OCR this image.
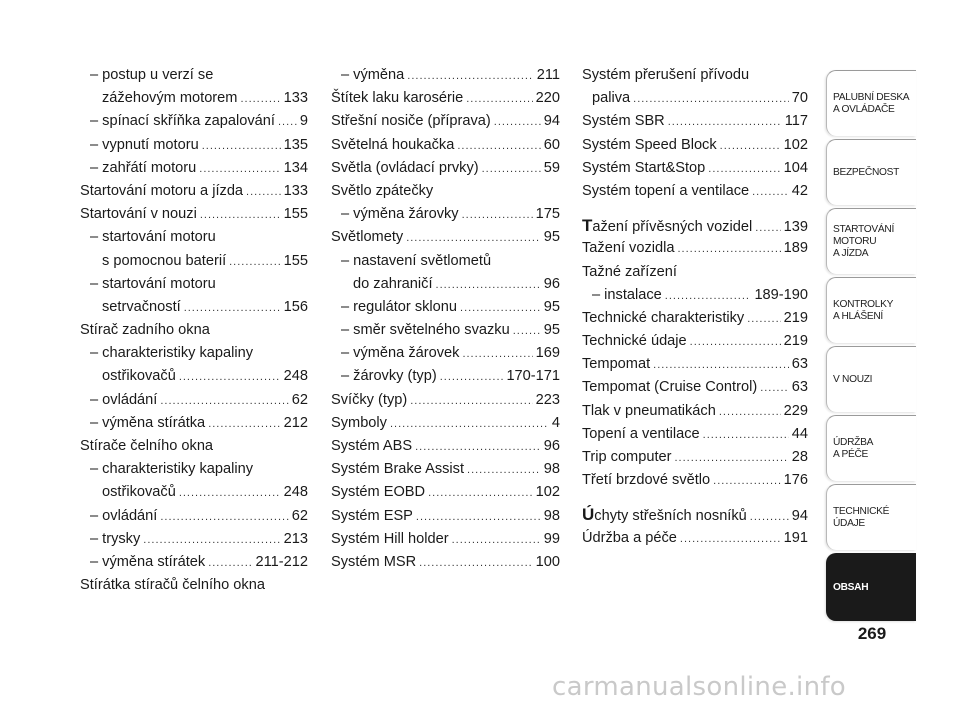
– postup u verzí se
zážehovým motorem .....	133
– spínací skříňka zapalování ..... 9
– vypnutí motoru .....	135
– zahřátí motoru .....	134
Startování motoru a jízda .....	133
Startování v nouzi .....	155
– startování motoru
s pomocnou baterií .....	155
– startování motoru
setrvačností .....	156
Stírač zadního okna
– charakteristiky kapaliny
ostřikovačů .....	248
– ovládání .....	62
– výměna stírátka .....	212
Stírače čelního okna
– charakteristiky kapaliny
ostřikovačů .....	248
– ovládání .....	62
– trysky .....	213
– výměna stírátek .....	211-212
Stírátka stíračů čelního okna
– výměna .....	211
Štítek laku karosérie .....	220
Střešní nosiče (příprava) .....	94
Světelná houkačka .....	60
Světla (ovládací prvky) .....	59
Světlo zpátečky
– výměna žárovky .....	175
Světlomety .....	95
– nastavení světlometů
do zahraničí .....	96
– regulátor sklonu .....	95
– směr světelného svazku ..... 95
– výměna žárovek .....	169
– žárovky (typ) .....	170-171
Svíčky (typ) .....	223
Symboly .....	4
Systém ABS .....	96
Systém Brake Assist .....	98
Systém EOBD .....	102
Systém ESP .....	98
Systém Hill holder .....	99
Systém MSR .....	100
Systém přerušení přívodu
paliva .....	70
Systém SBR .....	117
Systém Speed Block .....	102
Systém Start&Stop .....	104
Systém topení a ventilace .....	42
Tažení přívěsných vozidel ..... 139
Tažení vozidla .....	189
Tažné zařízení
– instalace .....	189-190
Technické charakteristiky .....	219
Technické údaje .....	219
Tempomat .....	63
Tempomat (Cruise Control) ..... 63
Tlak v pneumatikách .....	229
Topení a ventilace .....	44
Trip computer .....	28
Třetí brzdové světlo .....	176
Úchyty střešních nosníků .....	94
Údržba a péče .....	191
PALUBNÍ DESKA
A OVLÁDAČE
BEZPEČNOST
STARTOVÁNÍ
MOTORU
A JÍZDA
KONTROLKY
A HLÁŠENÍ
V NOUZI
ÚDRŽBA
A PÉČE
TECHNICKÉ
ÚDAJE
OBSAH
269
carmanualsonline.info
